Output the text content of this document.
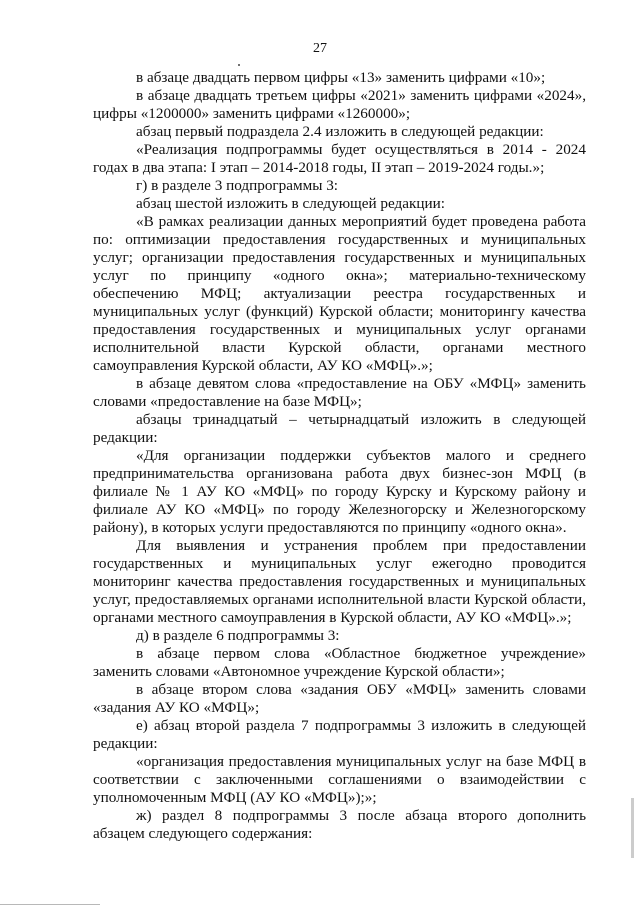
27

в абзаце двадцать первом цифры «13» заменить цифрами «10»;

в абзаце двадцать третьем цифры «2021» заменить цифрами «2024», цифры «1200000» заменить цифрами «1260000»;

абзац первый подраздела 2.4 изложить в следующей редакции:

«Реализация подпрограммы будет осуществляться в 2014 - 2024 годах в два этапа: I этап – 2014-2018 годы, II этап – 2019-2024 годы.»;

г) в разделе 3 подпрограммы 3:

абзац шестой изложить в следующей редакции:

«В рамках реализации данных мероприятий будет проведена работа по: оптимизации предоставления государственных и муниципальных услуг; организации предоставления государственных и муниципальных услуг по принципу «одного окна»; материально-техническому обеспечению МФЦ; актуализации реестра государственных и муниципальных услуг (функций) Курской области; мониторингу качества предоставления государственных и муниципальных услуг органами исполнительной власти Курской области, органами местного самоуправления Курской области, АУ КО «МФЦ».»;

в абзаце девятом слова «предоставление на ОБУ «МФЦ» заменить словами «предоставление на базе МФЦ»;

абзацы тринадцатый – четырнадцатый изложить в следующей редакции:

«Для организации поддержки субъектов малого и среднего предпринимательства организована работа двух бизнес-зон МФЦ (в филиале № 1 АУ КО «МФЦ» по городу Курску и Курскому району и филиале АУ КО «МФЦ» по городу Железногорску и Железногорскому району), в которых услуги предоставляются по принципу «одного окна».

Для выявления и устранения проблем при предоставлении государственных и муниципальных услуг ежегодно проводится мониторинг качества предоставления государственных и муниципальных услуг, предоставляемых органами исполнительной власти Курской области, органами местного самоуправления в Курской области, АУ КО «МФЦ».»;

д) в разделе 6 подпрограммы 3:

в абзаце первом слова «Областное бюджетное учреждение» заменить словами «Автономное учреждение Курской области»;

в абзаце втором слова «задания ОБУ «МФЦ» заменить словами «задания АУ КО «МФЦ»;

е) абзац второй раздела 7 подпрограммы 3 изложить в следующей редакции:

«организация предоставления муниципальных услуг на базе МФЦ в соответствии с заключенными соглашениями о взаимодействии с уполномоченным МФЦ (АУ КО «МФЦ»);»;

ж) раздел 8 подпрограммы 3 после абзаца второго дополнить абзацем следующего содержания:
